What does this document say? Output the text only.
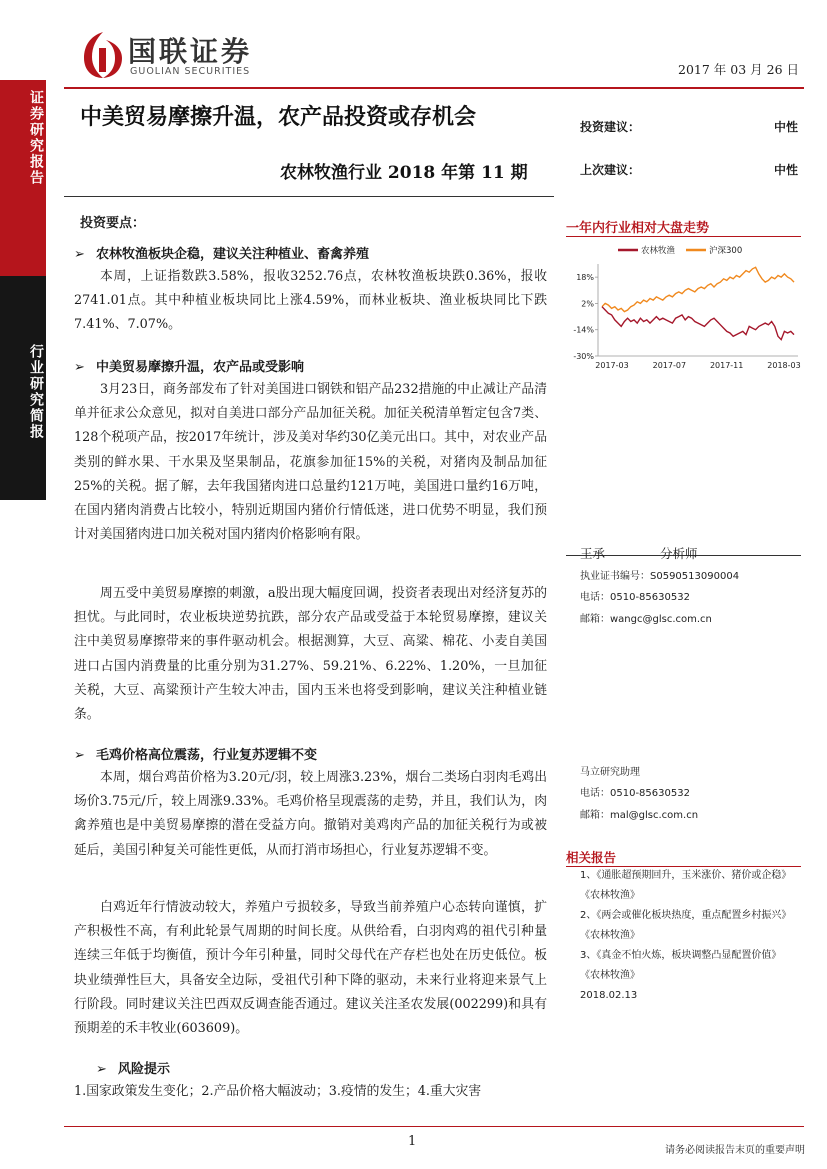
证券研究报告
行业研究简报
国联证券
GUOLIAN SECURITIES	2017 年 03 月 26 日
中美贸易摩擦升温，农产品投资或存机会
农林牧渔行业 2018 年第 11 期
投资建议：	中性
上次建议：	中性
投资要点：
➢ 农林牧渔板块企稳，建议关注种植业、畜禽养殖
本周，上证指数跌3.58%，报收3252.76点，农林牧渔板块跌0.36%，报收2741.01点。其中种植业板块同比上涨4.59%，而林业板块、渔业板块同比下跌7.41%、7.07%。
➢ 中美贸易摩擦升温，农产品或受影响
3月23日，商务部发布了针对美国进口钢铁和铝产品232措施的中止减让产品清单并征求公众意见，拟对自美进口部分产品加征关税。加征关税清单暂定包含7类、128个税项产品，按2017年统计，涉及美对华约30亿美元出口。其中，对农业产品类别的鲜水果、干水果及坚果制品，花旗参加征15%的关税，对猪肉及制品加征25%的关税。据了解，去年我国猪肉进口总量约121万吨，美国进口量约16万吨，在国内猪肉消费占比较小，特别近期国内猪价行情低迷，进口优势不明显，我们预计对美国猪肉进口加关税对国内猪肉价格影响有限。
周五受中美贸易摩擦的刺激，a股出现大幅度回调，投资者表现出对经济复苏的担忧。与此同时，农业板块逆势抗跌，部分农产品或受益于本轮贸易摩擦，建议关注中美贸易摩擦带来的事件驱动机会。根据测算，大豆、高粱、棉花、小麦自美国进口占国内消费量的比重分别为31.27%、59.21%、6.22%、1.20%，一旦加征关税，大豆、高粱预计产生较大冲击，国内玉米也将受到影响，建议关注种植业链条。
➢ 毛鸡价格高位震荡，行业复苏逻辑不变
本周，烟台鸡苗价格为3.20元/羽，较上周涨3.23%，烟台二类场白羽肉毛鸡出场价3.75元/斤，较上周涨9.33%。毛鸡价格呈现震荡的走势，并且，我们认为，肉禽养殖也是中美贸易摩擦的潜在受益方向。撤销对美鸡肉产品的加征关税行为或被延后，美国引种复关可能性更低，从而打消市场担心，行业复苏逻辑不变。
白鸡近年行情波动较大，养殖户亏损较多，导致当前养殖户心态转向谨慎，扩产积极性不高，有利此轮景气周期的时间长度。从供给看，白羽肉鸡的祖代引种量连续三年低于均衡值，预计今年引种量，同时父母代在产存栏也处在历史低位。板块业绩弹性巨大，具备安全边际，受祖代引种下降的驱动，未来行业将迎来景气上行阶段。同时建议关注巴西双反调查能否通过。建议关注圣农发展(002299)和具有预期差的禾丰牧业(603609)。
➢ 风险提示
1.国家政策发生变化；2.产品价格大幅波动；3.疫情的发生；4.重大灾害
一年内行业相对大盘走势
农林牧渔	沪深300
18%
2%
-14%
-30%
2017-03	2017-07	2017-11	2018-03
王承	分析师
执业证书编号：S0590513090004
电话：0510-85630532
邮箱：wangc@glsc.com.cn
马立研究助理
电话：0510-85630532
邮箱：mal@glsc.com.cn
相关报告
1、《通胀超预期回升，玉米涨价、猪价或企稳》
《农林牧渔》
2、《两会或催化板块热度，重点配置乡村振兴》
《农林牧渔》
3、《真金不怕火炼，板块调整凸显配置价值》
《农林牧渔》
2018.02.13
1
请务必阅读报告末页的重要声明
